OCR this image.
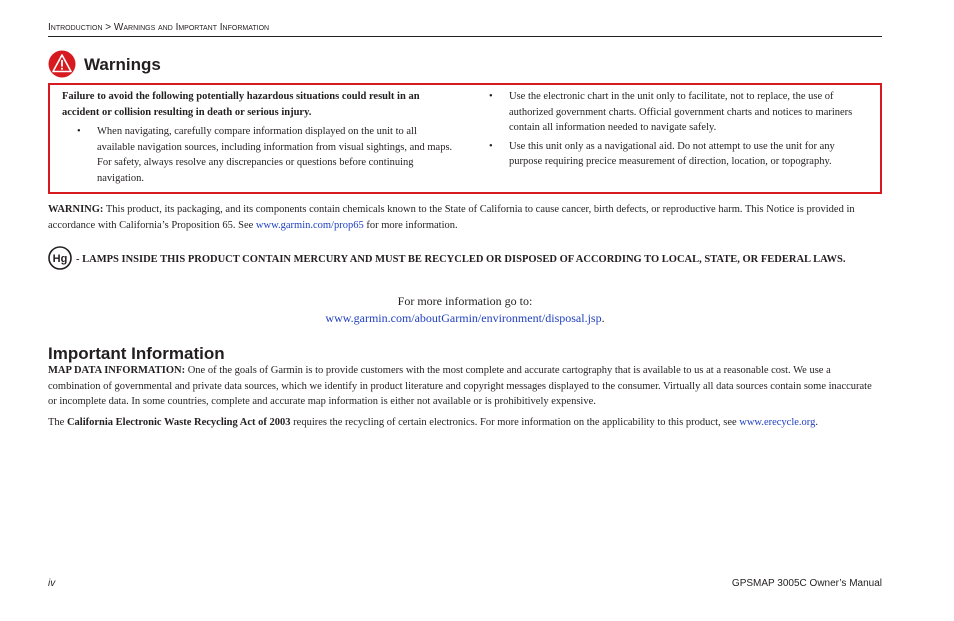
Introduction > Warnings and Important Information
Warnings
Failure to avoid the following potentially hazardous situations could result in an accident or collision resulting in death or serious injury.
• When navigating, carefully compare information displayed on the unit to all available navigation sources, including information from visual sightings, and maps. For safety, always resolve any discrepancies or questions before continuing navigation.
• Use the electronic chart in the unit only to facilitate, not to replace, the use of authorized government charts. Official government charts and notices to mariners contain all information needed to navigate safely.
• Use this unit only as a navigational aid. Do not attempt to use the unit for any purpose requiring precice measurement of direction, location, or topography.
WARNING: This product, its packaging, and its components contain chemicals known to the State of California to cause cancer, birth defects, or reproductive harm. This Notice is provided in accordance with California’s Proposition 65. See www.garmin.com/prop65 for more information.
- LAMPS INSIDE THIS PRODUCT CONTAIN MERCURY AND MUST BE RECYCLED OR DISPOSED OF ACCORDING TO LOCAL, STATE, OR FEDERAL LAWS.
Hg
For more information go to:
www.garmin.com/aboutGarmin/environment/disposal.jsp.
Important Information
MAP DATA INFORMATION: One of the goals of Garmin is to provide customers with the most complete and accurate cartography that is available to us at a reasonable cost. We use a combination of governmental and private data sources, which we identify in product literature and copyright messages displayed to the consumer. Virtually all data sources contain some inaccurate or incomplete data. In some countries, complete and accurate map information is either not available or is prohibitively expensive.
The California Electronic Waste Recycling Act of 2003 requires the recycling of certain electronics. For more information on the applicability to this product, see www.erecycle.org.
iv	GPSMAP 3005C Owner’s Manual
